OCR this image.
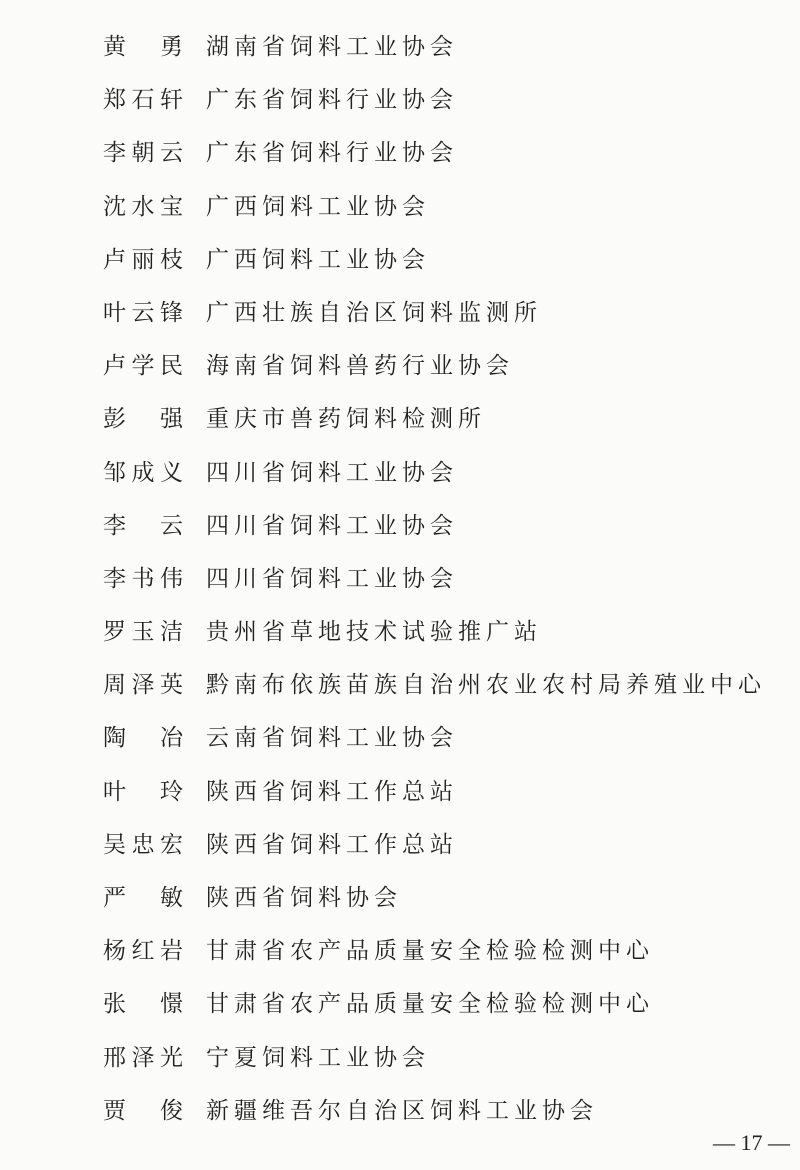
黄勇 湖南省饲料工业协会
郑石轩 广东省饲料行业协会
李朝云 广东省饲料行业协会
沈水宝 广西饲料工业协会
卢丽枝 广西饲料工业协会
叶云锋 广西壮族自治区饲料监测所
卢学民 海南省饲料兽药行业协会
彭强 重庆市兽药饲料检测所
邹成义 四川省饲料工业协会
李云 四川省饲料工业协会
李书伟 四川省饲料工业协会
罗玉洁 贵州省草地技术试验推广站
周泽英 黔南布依族苗族自治州农业农村局养殖业中心
陶冶 云南省饲料工业协会
叶玲 陕西省饲料工作总站
吴忠宏 陕西省饲料工作总站
严敏 陕西省饲料协会
杨红岩 甘肃省农产品质量安全检验检测中心
张憬 甘肃省农产品质量安全检验检测中心
邢泽光 宁夏饲料工业协会
贾俊 新疆维吾尔自治区饲料工业协会
— 17 —
